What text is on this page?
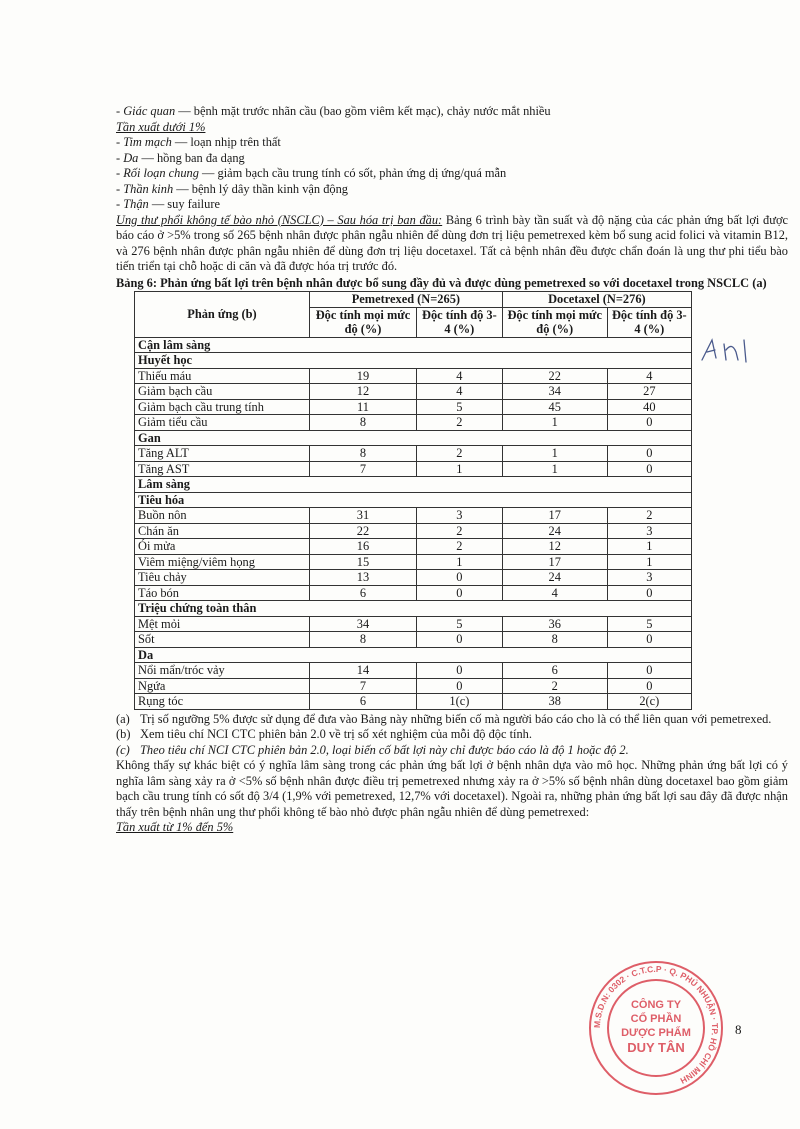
- Giác quan — bệnh mặt trước nhãn cầu (bao gồm viêm kết mạc), chảy nước mắt nhiều
Tần xuất dưới 1%
- Tim mạch — loạn nhịp trên thất
- Da — hồng ban đa dạng
- Rối loạn chung — giảm bạch cầu trung tính có sốt, phản ứng dị ứng/quá mẫn
- Thần kinh — bệnh lý dây thần kinh vận động
- Thận — suy failure
Ung thư phổi không tế bào nhỏ (NSCLC) – Sau hóa trị ban đầu: Bảng 6 trình bày tần suất và độ nặng của các phản ứng bất lợi được báo cáo ở >5% trong số 265 bệnh nhân được phân ngẫu nhiên để dùng đơn trị liệu pemetrexed kèm bổ sung acid folici và vitamin B12, và 276 bệnh nhân được phân ngẫu nhiên để dùng đơn trị liệu docetaxel. Tất cả bệnh nhân đều được chẩn đoán là ung thư phi tiểu bào tiến triển tại chỗ hoặc di căn và đã được hóa trị trước đó.
Bảng 6: Phản ứng bất lợi trên bệnh nhân được bổ sung đầy đủ và được dùng pemetrexed so với docetaxel trong NSCLC (a)
Phản ứng (b)	Pemetrexed (N=265)		Docetaxel (N=276)	
	Độc tính mọi mức độ (%)	Độc tính độ 3-4 (%)	Độc tính mọi mức độ (%)	Độc tính độ 3-4 (%)
Cận lâm sàng				
Huyết học				
Thiếu máu	19	4	22	4
Giảm bạch cầu	12	4	34	27
Giảm bạch cầu trung tính	11	5	45	40
Giảm tiểu cầu	8	2	1	0
Gan				
Tăng ALT	8	2	1	0
Tăng AST	7	1	1	0
Lâm sàng				
Tiêu hóa				
Buồn nôn	31	3	17	2
Chán ăn	22	2	24	3
Ói mửa	16	2	12	1
Viêm miệng/viêm họng	15	1	17	1
Tiêu chảy	13	0	24	3
Táo bón	6	0	4	0
Triệu chứng toàn thân				
Mệt mỏi	34	5	36	5
Sốt	8	0	8	0
Da				
Nổi mẩn/tróc vảy	14	0	6	0
Ngứa	7	0	2	0
Rụng tóc	6	1(c)	38	2(c)
(a) Trị số ngưỡng 5% được sử dụng để đưa vào Bảng này những biến cố mà người báo cáo cho là có thể liên quan với pemetrexed.
(b) Xem tiêu chí NCI CTC phiên bản 2.0 về trị số xét nghiệm của mỗi độ độc tính.
(c) Theo tiêu chí NCI CTC phiên bản 2.0, loại biến cố bất lợi này chỉ được báo cáo là độ 1 hoặc độ 2.
Không thấy sự khác biệt có ý nghĩa lâm sàng trong các phản ứng bất lợi ở bệnh nhân dựa vào mô học. Những phản ứng bất lợi có ý nghĩa lâm sàng xảy ra ở <5% số bệnh nhân được điều trị pemetrexed nhưng xảy ra ở >5% số bệnh nhân dùng docetaxel bao gồm giảm bạch cầu trung tính có sốt độ 3/4 (1,9% với pemetrexed, 12,7% với docetaxel). Ngoài ra, những phản ứng bất lợi sau đây đã được nhận thấy trên bệnh nhân ung thư phổi không tế bào nhỏ được phân ngẫu nhiên để dùng pemetrexed:
Tần xuất từ 1% đến 5%
M.S.D.N: 0302 · C.T.C.P · Q. PHÚ NHUẬN · TP. HỒ CHÍ MINH
CÔNG TY
CỔ PHẦN
DƯỢC PHẨM
DUY TÂN
8
